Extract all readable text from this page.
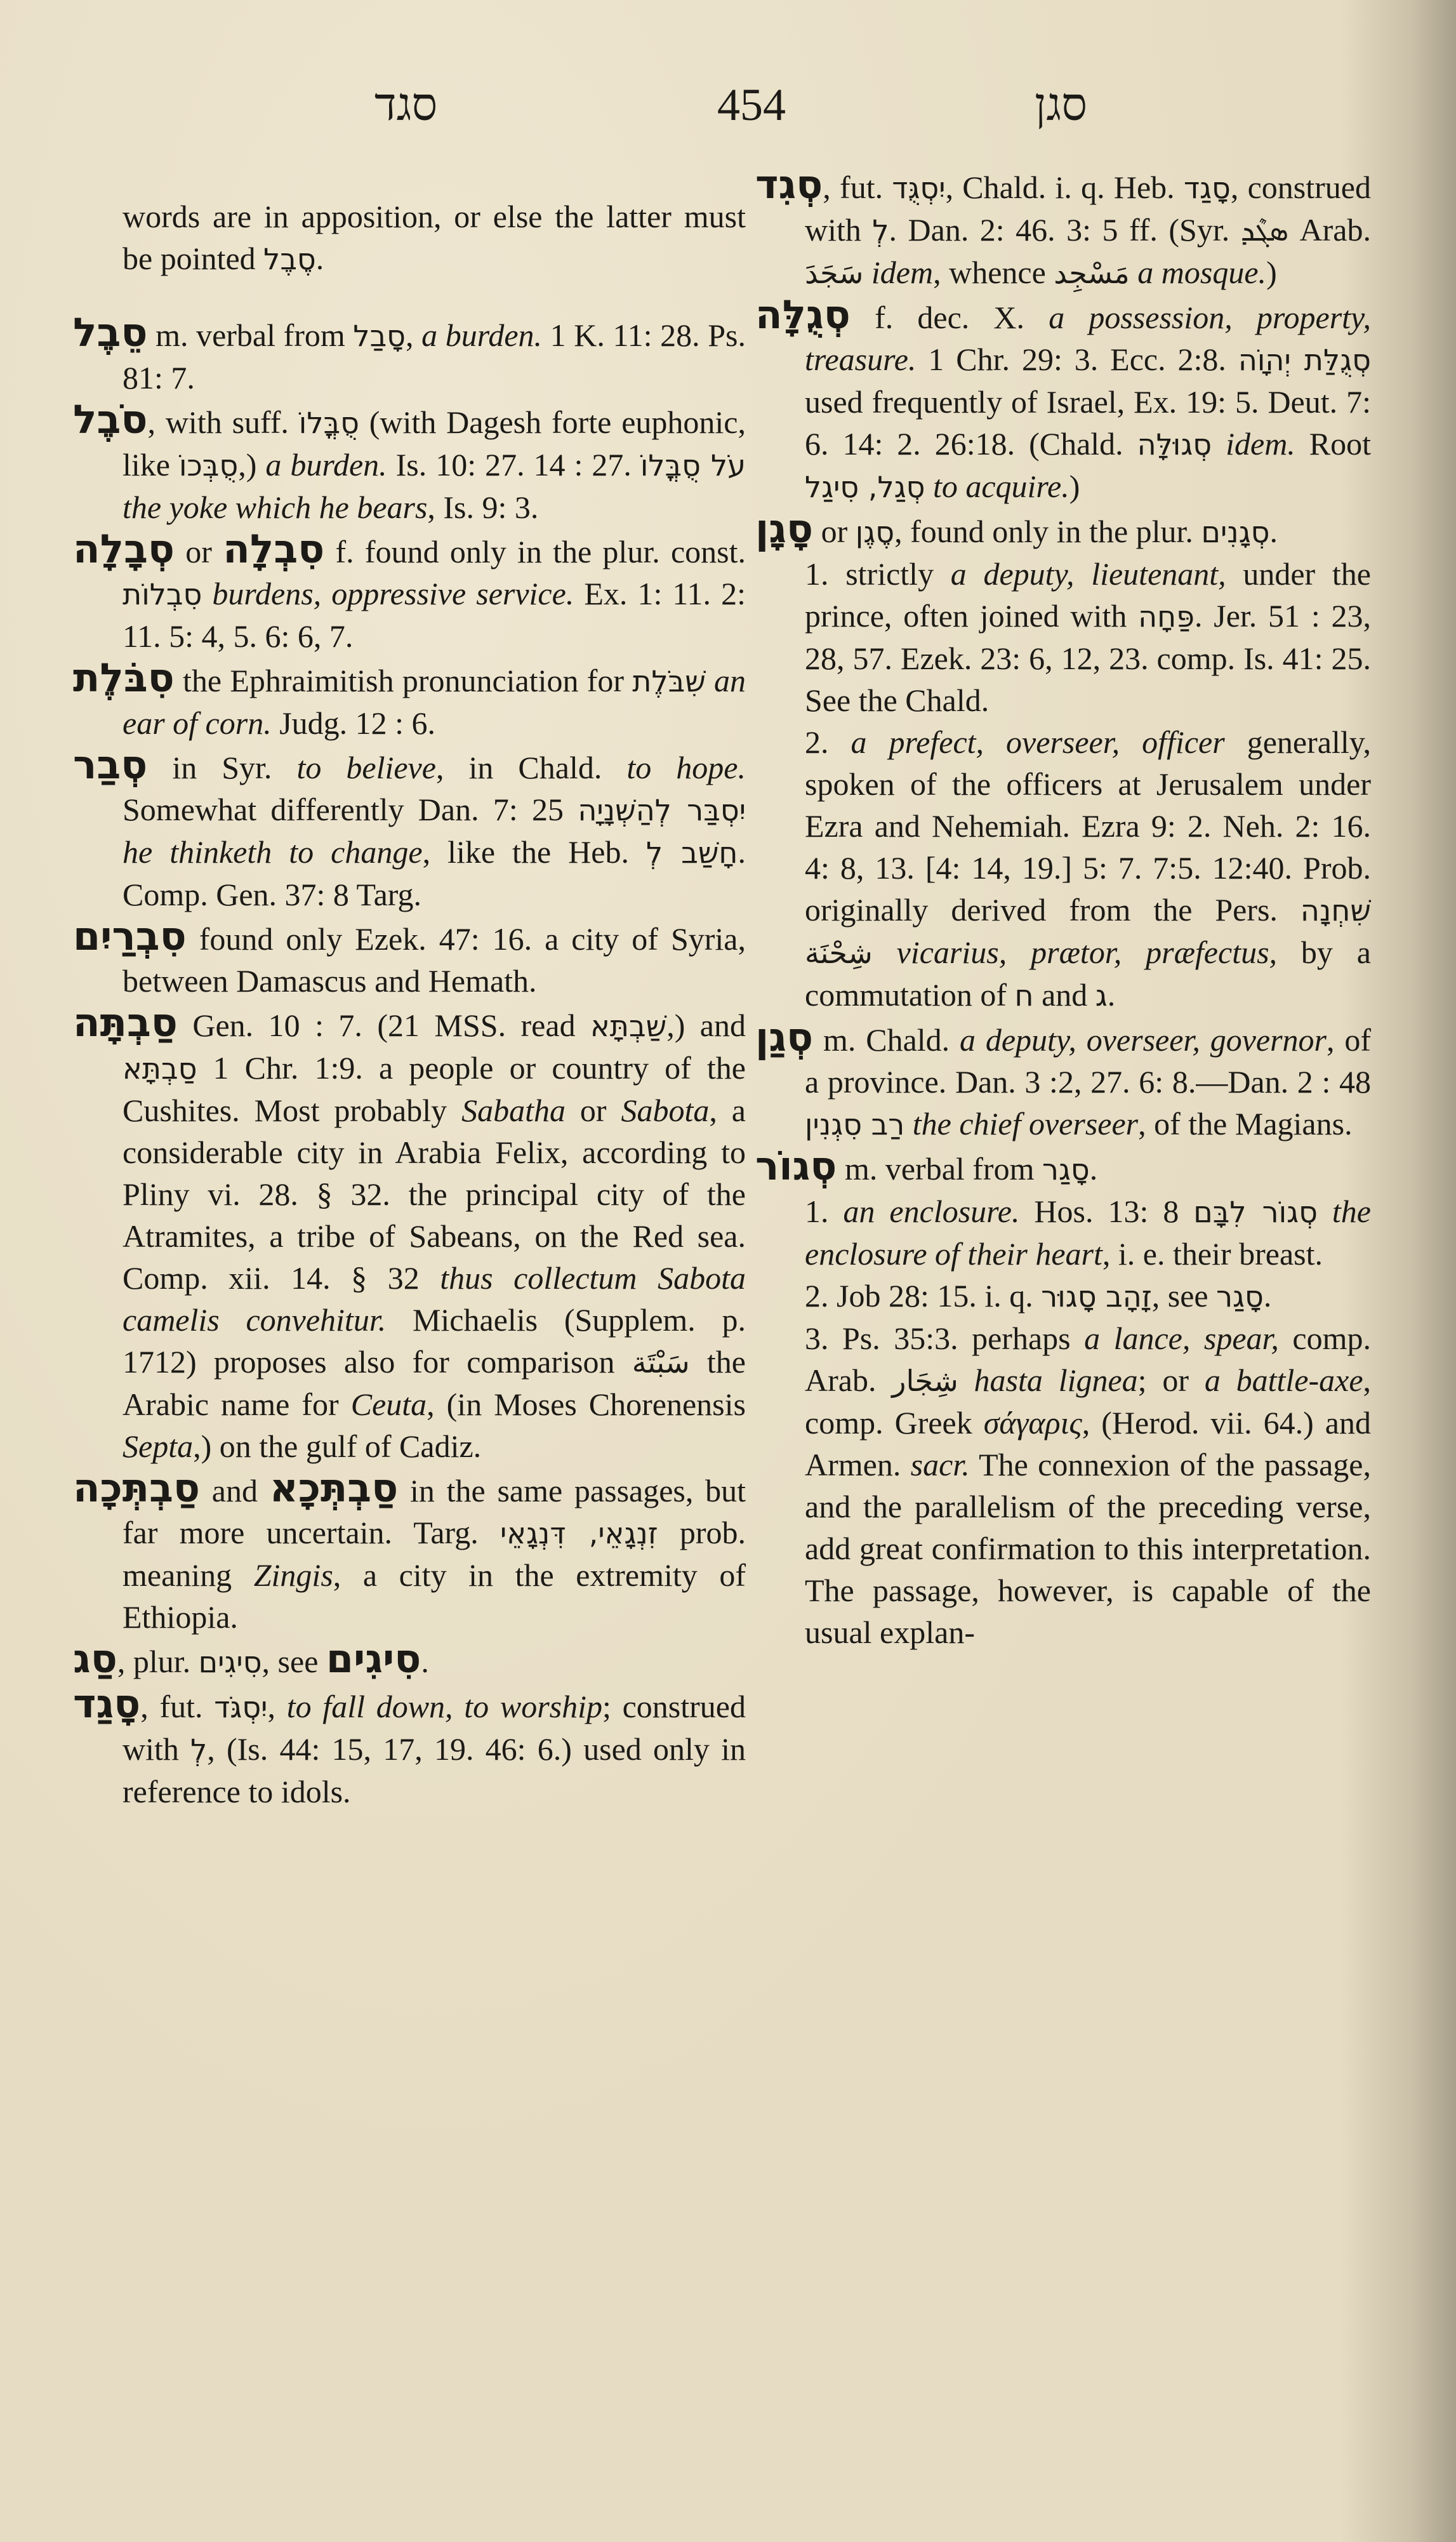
סגד	454	סגן

words are in apposition, or else the latter must be pointed סֶבֶל.

סֵבֶל m. verbal from סָבַל, a burden. 1 K. 11: 28. Ps. 81: 7.

סֹבֶל, with suff. סֻבֳּלוֹ (with Dagesh forte euphonic, like סֻבְּכוֹ,) a burden. Is. 10: 27. 14 : 27. עֹל סֻבֳּלוֹ the yoke which he bears, Is. 9: 3.

סְבָלָה or סִבְלָה f. found only in the plur. const. סִבְלוֹת burdens, oppressive service. Ex. 1: 11. 2: 11. 5: 4, 5. 6: 6, 7.

סִבֹּלֶת the Ephraimitish pronunciation for שִׁבֹּלֶת an ear of corn. Judg. 12 : 6.

סְבַר in Syr. to believe, in Chald. to hope. Somewhat differently Dan. 7: 25 יִסְבַּר לְהַשְׁנָיָה he thinketh to change, like the Heb. חָשַׁב לְ. Comp. Gen. 37: 8 Targ.

סִבְרַיִם found only Ezek. 47: 16. a city of Syria, between Damascus and Hemath.

סַבְתָּה Gen. 10 : 7. (21 MSS. read שַׁבְתָּא,) and סַבְתָּא 1 Chr. 1:9. a people or country of the Cushites. Most probably Sabatha or Sabota, a considerable city in Arabia Felix, according to Pliny vi. 28. § 32. the principal city of the Atramites, a tribe of Sabeans, on the Red sea. Comp. xii. 14. § 32 thus collectum Sabota camelis convehitur. Michaelis (Supplem. p. 1712) proposes also for comparison سَبْتَة the Arabic name for Ceuta, (in Moses Chorenensis Septa,) on the gulf of Cadiz.

סַבְתְּכָה and סַבְתְּכָא in the same passages, but far more uncertain. Targ. זִנְגָאֵי, דִּנְגָאֵי prob. meaning Zingis, a city in the extremity of Ethiopia.

סַג, plur. סִיגִים, see סִיגִים.

סָגַד, fut. יִסְגֹּד, to fall down, to worship; construed with לְ, (Is. 44: 15, 17, 19. 46: 6.) used only in reference to idols.

סְגִד, fut. יִסְגֻּד, Chald. i. q. Heb. סָגַד, construed with לְ. Dan. 2: 46. 3: 5 ff. (Syr. ܣܓܶܕ Arab. سَجَدَ idem, whence مَسْجِد a mosque.)

סְגֻלָּה f. dec. X. a possession, property, treasure. 1 Chr. 29: 3. Ecc. 2:8. סְגֻלַּת יְהוָֹה used frequently of Israel, Ex. 19: 5. Deut. 7: 6. 14: 2. 26:18. (Chald. סְגוּלָּה idem. Root סְגַל, סִיגַל to acquire.)

סָגָן or סֶגֶן, found only in the plur. סְגָנִים.

1. strictly a deputy, lieutenant, under the prince, often joined with פַּחָה. Jer. 51 : 23, 28, 57. Ezek. 23: 6, 12, 23. comp. Is. 41: 25. See the Chald.

2. a prefect, overseer, officer generally, spoken of the officers at Jerusalem under Ezra and Nehemiah. Ezra 9: 2. Neh. 2: 16. 4: 8, 13. [4: 14, 19.] 5: 7. 7:5. 12:40. Prob. originally derived from the Pers. שִׁחְנָה شِحْنَة vicarius, prætor, præfectus, by a commutation of ח and ג.

סְגַן m. Chald. a deputy, overseer, governor, of a province. Dan. 3 :2, 27. 6: 8.—Dan. 2 : 48 רַב סִגְנִין the chief overseer, of the Magians.

סְגוֹר m. verbal from סָגַר.

1. an enclosure. Hos. 13: 8 סְגוֹר לִבָּם the enclosure of their heart, i. e. their breast.

2. Job 28: 15. i. q. זָהָב סָגוּר, see סָגַר.

3. Ps. 35:3. perhaps a lance, spear, comp. Arab. شِجَار hasta lignea; or a battle-axe, comp. Greek σάγαρις, (Herod. vii. 64.) and Armen. sacr. The connexion of the passage, and the parallelism of the preceding verse, add great confirmation to this interpretation. The passage, however, is capable of the usual explan-
